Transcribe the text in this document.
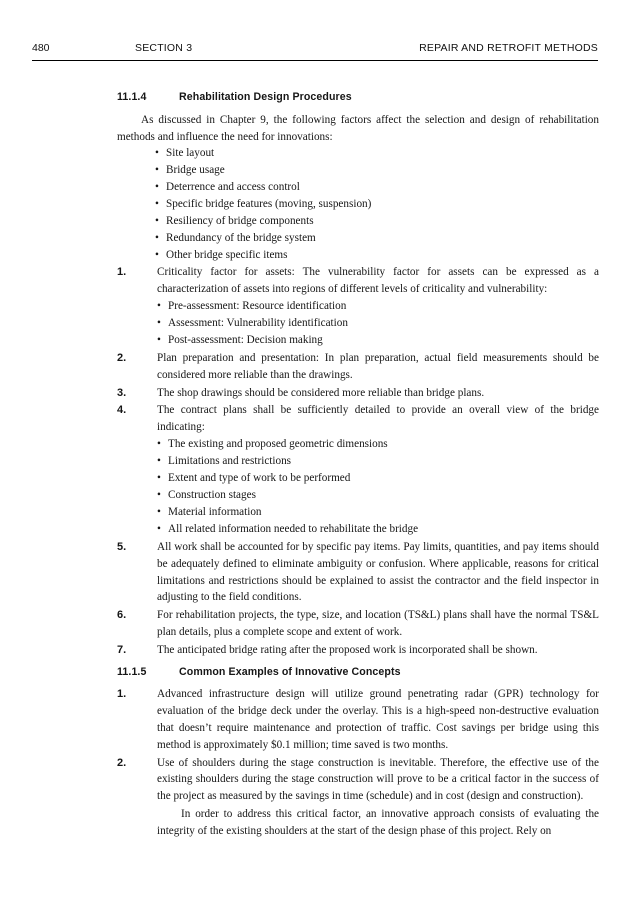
480	SECTION 3	REPAIR AND RETROFIT METHODS
11.1.4	Rehabilitation Design Procedures

As discussed in Chapter 9, the following factors affect the selection and design of rehabilitation methods and influence the need for innovations:

• Site layout
• Bridge usage
• Deterrence and access control
• Specific bridge features (moving, suspension)
• Resiliency of bridge components
• Redundancy of the bridge system
• Other bridge specific items
1.	Criticality factor for assets: The vulnerability factor for assets can be expressed as a characterization of assets into regions of different levels of criticality and vulnerability:

• Pre-assessment: Resource identification
• Assessment: Vulnerability identification
• Post-assessment: Decision making
2.	Plan preparation and presentation: In plan preparation, actual field measurements should be considered more reliable than the drawings.

3.	The shop drawings should be considered more reliable than bridge plans.

4.	The contract plans shall be sufficiently detailed to provide an overall view of the bridge indicating:

• The existing and proposed geometric dimensions
• Limitations and restrictions
• Extent and type of work to be performed
• Construction stages
• Material information
• All related information needed to rehabilitate the bridge
5.	All work shall be accounted for by specific pay items. Pay limits, quantities, and pay items should be adequately defined to eliminate ambiguity or confusion. Where applicable, reasons for critical limitations and restrictions should be explained to assist the contractor and the field inspector in adjusting to the field conditions.

6.	For rehabilitation projects, the type, size, and location (TS&L) plans shall have the normal TS&L plan details, plus a complete scope and extent of work.

7.	The anticipated bridge rating after the proposed work is incorporated shall be shown.

11.1.5	Common Examples of Innovative Concepts
1.	Advanced infrastructure design will utilize ground penetrating radar (GPR) technology for evaluation of the bridge deck under the overlay. This is a high-speed non-destructive evaluation that doesn’t require maintenance and protection of traffic. Cost savings per bridge using this method is approximately $0.1 million; time saved is two months.

2.	Use of shoulders during the stage construction is inevitable. Therefore, the effective use of the existing shoulders during the stage construction will prove to be a critical factor in the success of the project as measured by the savings in time (schedule) and in cost (design and construction).

In order to address this critical factor, an innovative approach consists of evaluating the integrity of the existing shoulders at the start of the design phase of this project. Rely on
